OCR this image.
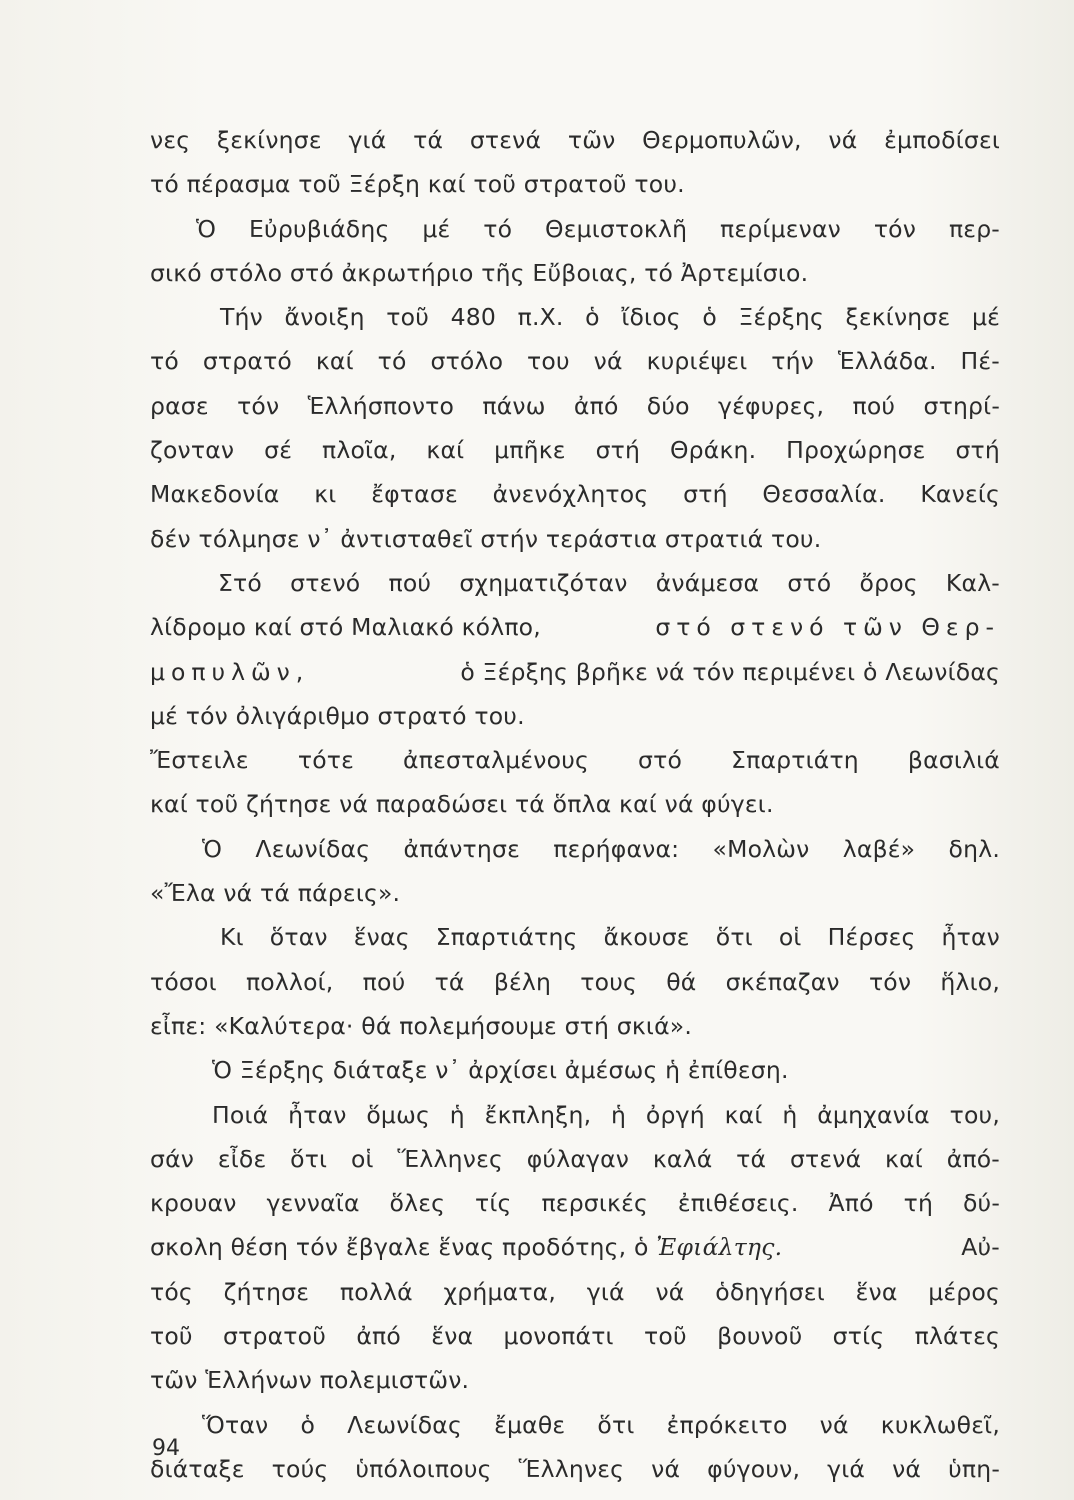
νες ξεκίνησε γιά τά στενά τῶν Θερμοπυλῶν, νά ἐμποδίσει
τό πέρασμα τοῦ Ξέρξη καί τοῦ στρατοῦ του.
Ὁ Εὐρυβιάδης μέ τό Θεμιστοκλῆ περίμεναν τόν περ-
σικό στόλο στό ἀκρωτήριο τῆς Εὔβοιας, τό Ἀρτεμίσιο.
Τήν ἄνοιξη τοῦ 480 π.Χ. ὁ ἴδιος ὁ Ξέρξης ξεκίνησε μέ
τό στρατό καί τό στόλο του νά κυριέψει τήν Ἑλλάδα. Πέ-
ρασε τόν Ἑλλήσποντο πάνω ἀπό δύο γέφυρες, πού στηρί-
ζονταν σέ πλοῖα, καί μπῆκε στή Θράκη. Προχώρησε στή
Μακεδονία κι ἔφτασε ἀνενόχλητος στή Θεσσαλία. Κανείς
δέν τόλμησε ν᾿ ἀντισταθεῖ στήν τεράστια στρατιά του.
Στό στενό πού σχηματιζόταν ἀνάμεσα στό ὄρος Καλ-
λίδρομο καί στό Μαλιακό κόλπο,	στό στενό τῶν Θερ-
μοπυλῶν,	ὁ Ξέρξης βρῆκε νά τόν περιμένει ὁ Λεωνίδας
μέ τόν ὀλιγάριθμο στρατό του.
Ἔστειλε τότε ἀπεσταλμένους στό Σπαρτιάτη βασιλιά
καί τοῦ ζήτησε νά παραδώσει τά ὅπλα καί νά φύγει.
Ὁ Λεωνίδας ἀπάντησε περήφανα: «Μολὼν λαβέ» δηλ.
«Ἔλα νά τά πάρεις».
Κι ὅταν ἕνας Σπαρτιάτης ἄκουσε ὅτι οἱ Πέρσες ἦταν
τόσοι πολλοί, πού τά βέλη τους θά σκέπαζαν τόν ἥλιο,
εἶπε: «Καλύτερα· θά πολεμήσουμε στή σκιά».
Ὁ Ξέρξης διάταξε ν᾿ ἀρχίσει ἀμέσως ἡ ἐπίθεση.
Ποιά ἦταν ὅμως ἡ ἔκπληξη, ἡ ὀργή καί ἡ ἀμηχανία του,
σάν εἶδε ὅτι οἱ Ἕλληνες φύλαγαν καλά τά στενά καί ἀπό-
κρουαν γενναῖα ὅλες τίς περσικές ἐπιθέσεις. Ἀπό τή δύ-
σκολη θέση τόν ἔβγαλε ἕνας προδότης, ὁ Ἐφιάλτης.	Αὐ-
τός ζήτησε πολλά χρήματα, γιά νά ὁδηγήσει ἕνα μέρος
τοῦ στρατοῦ ἀπό ἕνα μονοπάτι τοῦ βουνοῦ στίς πλάτες
τῶν Ἑλλήνων πολεμιστῶν.
Ὅταν ὁ Λεωνίδας ἔμαθε ὅτι ἐπρόκειτο νά κυκλωθεῖ,
διάταξε τούς ὑπόλοιπους Ἕλληνες νά φύγουν, γιά νά ὑπη-
94
